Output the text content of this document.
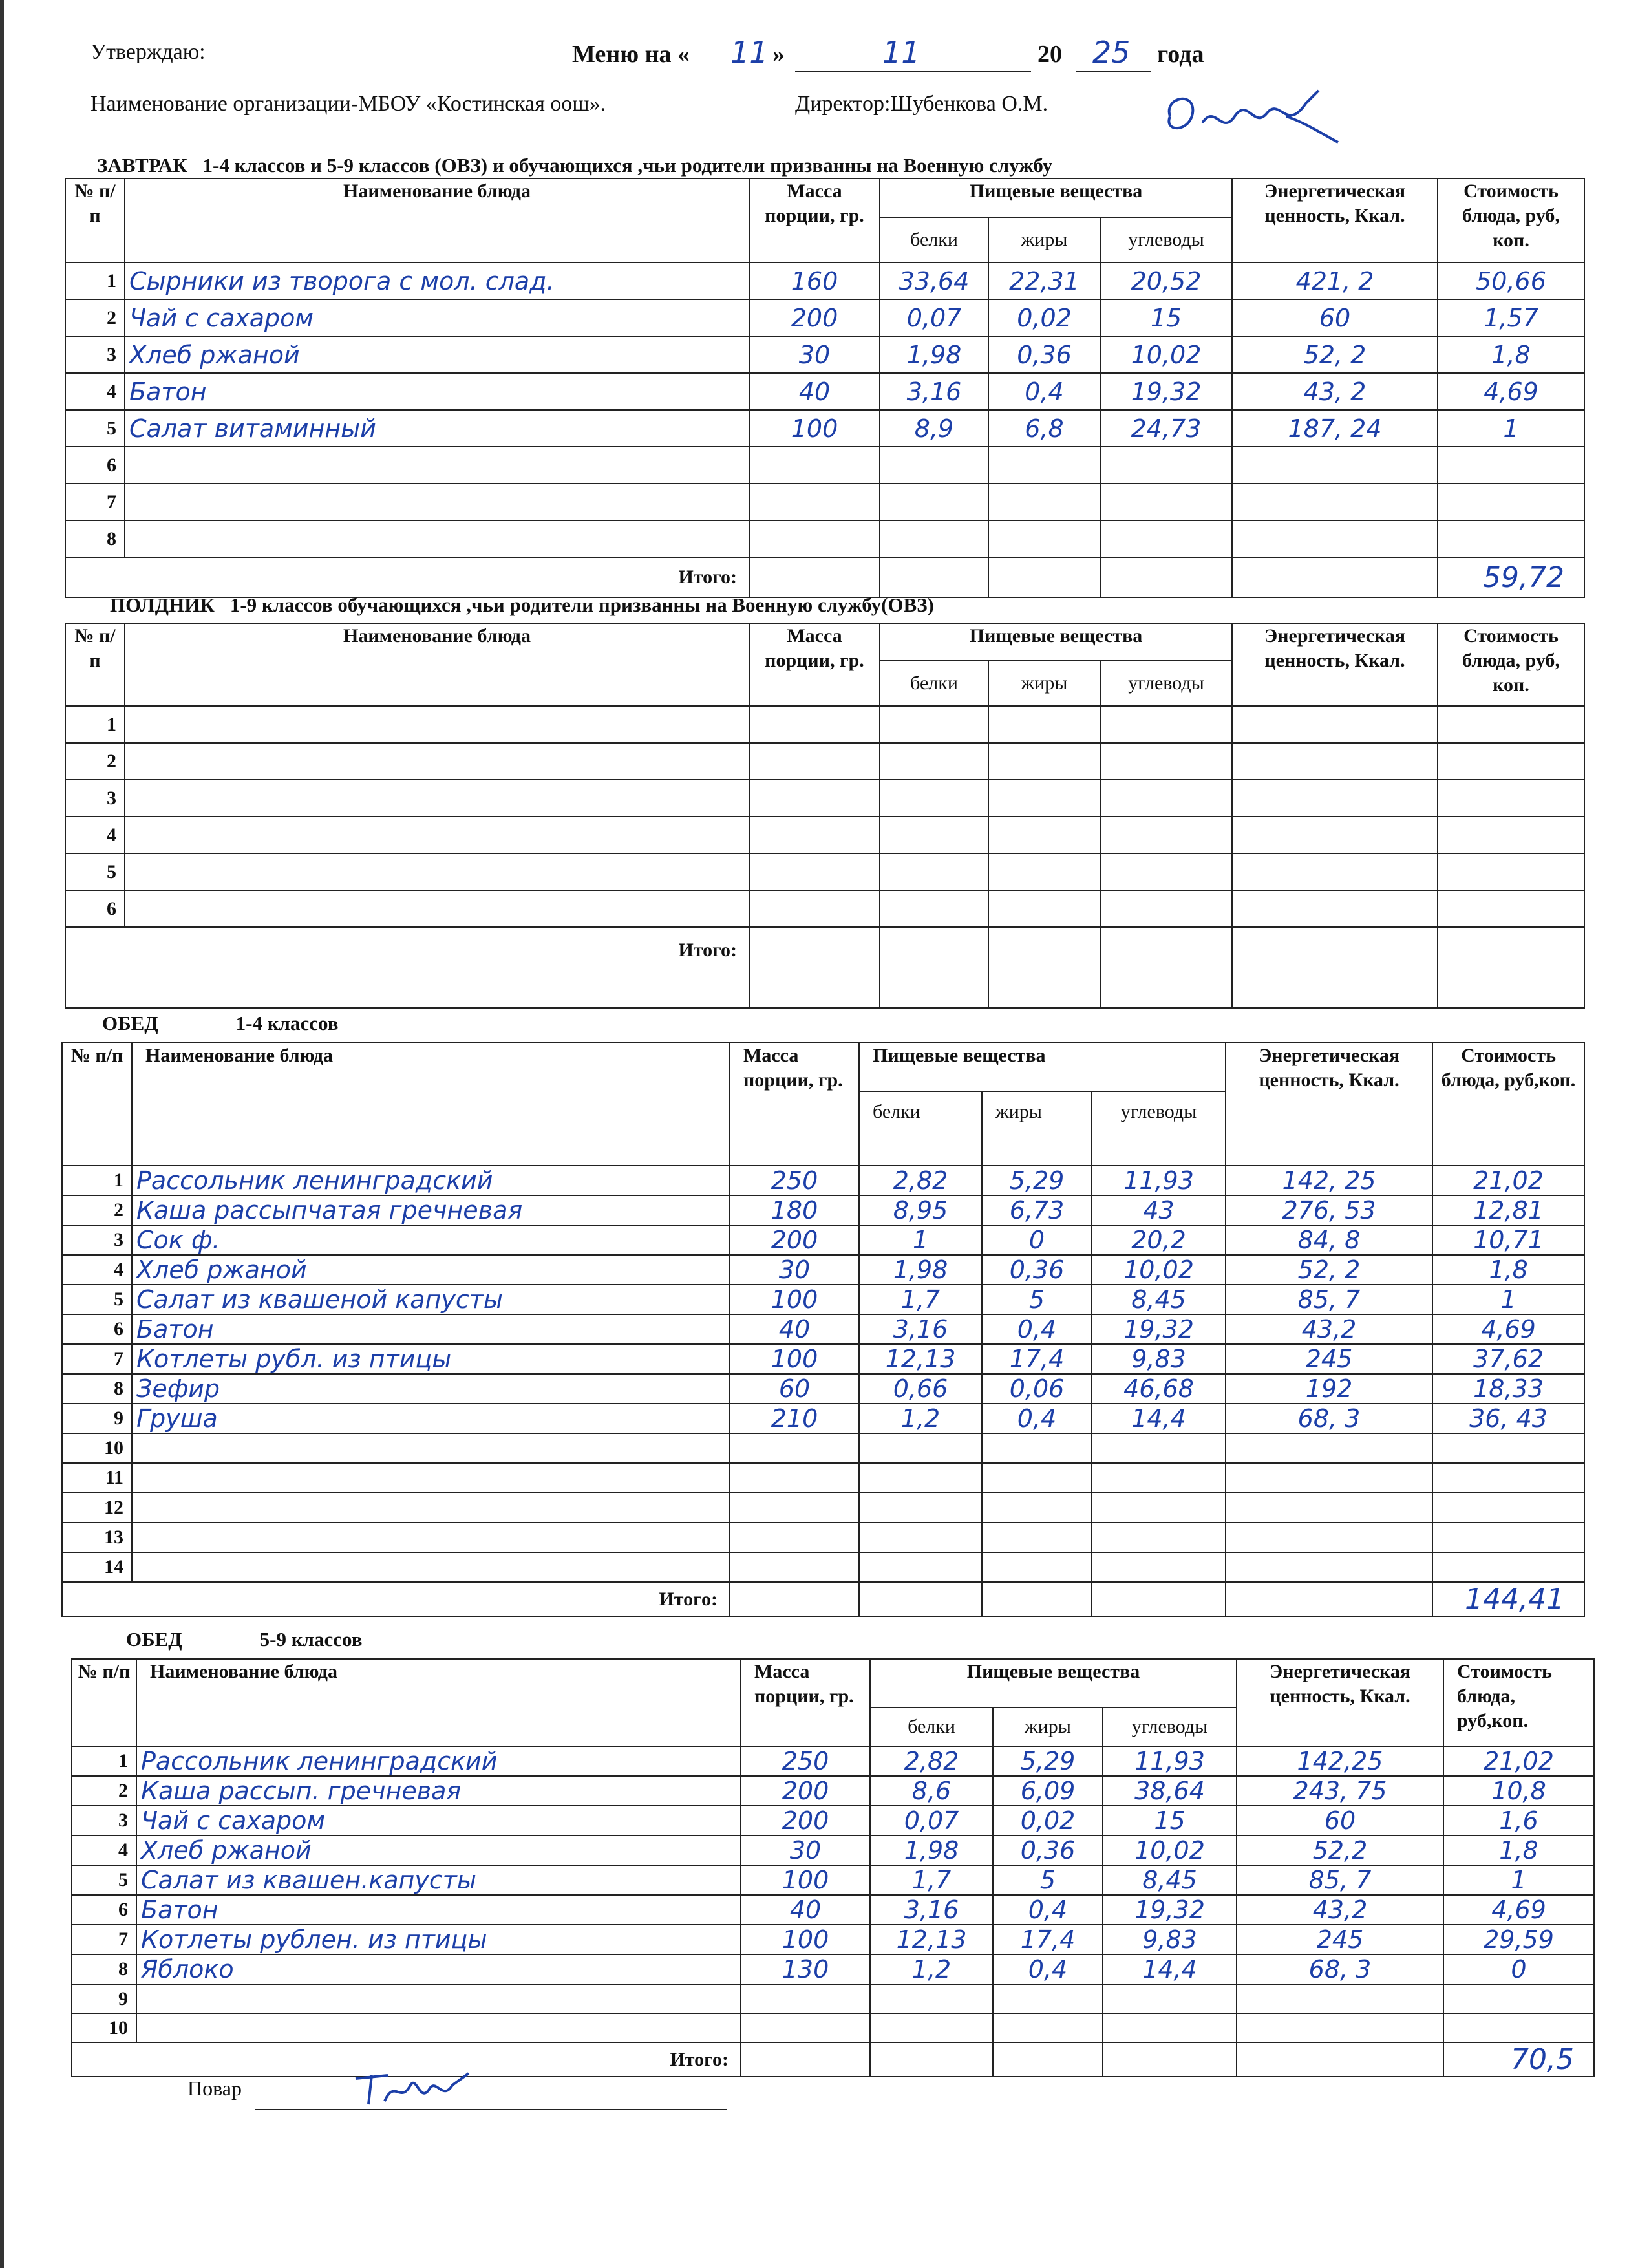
Утверждаю:	Меню на « 11 »	11	20 25 года
Наименование организации-МБОУ «Костинская оош».	Директор:Шубенкова О.М.
ЗАВТРАК 1-4 классов и 5-9 классов (ОВЗ) и обучающихся ,чьи родители призванны на Военную службу
№ п/п	Наименование блюда	Масса порции, гр.	Пищевые вещества			Энергетическая ценность, Ккал.	Стоимость блюда, руб, коп.
			белки	жиры	углеводы		
1	Сырники из творога с мол. слад.	160	33,64	22,31	20,52	421, 2	50,66
2	Чай с сахаром	200	0,07	0,02	15	60	1,57
3	Хлеб ржаной	30	1,98	0,36	10,02	52, 2	1,8
4	Батон	40	3,16	0,4	19,32	43, 2	4,69
5	Салат витаминный	100	8,9	6,8	24,73	187, 24	1
6							
7							
8							
Итого:							59,72
ПОЛДНИК 1-9 классов обучающихся ,чьи родители призванны на Военную службу(ОВЗ)
№ п/п	Наименование блюда	Масса порции, гр.	Пищевые вещества			Энергетическая ценность, Ккал.	Стоимость блюда, руб, коп.
			белки	жиры	углеводы		
1							
2							
3							
4							
5							
6							
Итого:							
ОБЕД	1-4 классов
№ п/п	Наименование блюда	Масса порции, гр.	Пищевые вещества			Энергетическая ценность, Ккал.	Стоимость блюда, руб,коп.
			белки	жиры	углеводы		
1	Рассольник ленинградский	250	2,82	5,29	11,93	142, 25	21,02
2	Каша рассыпчатая гречневая	180	8,95	6,73	43	276, 53	12,81
3	Сок ф.	200	1	0	20,2	84, 8	10,71
4	Хлеб ржаной	30	1,98	0,36	10,02	52, 2	1,8
5	Салат из квашеной капусты	100	1,7	5	8,45	85, 7	1
6	Батон	40	3,16	0,4	19,32	43,2	4,69
7	Котлеты рубл. из птицы	100	12,13	17,4	9,83	245	37,62
8	Зефир	60	0,66	0,06	46,68	192	18,33
9	Груша	210	1,2	0,4	14,4	68, 3	36, 43
10							
11							
12							
13							
14							
Итого:							144,41
ОБЕД	5-9 классов
№ п/п	Наименование блюда	Масса порции, гр.	Пищевые вещества			Энергетическая ценность, Ккал.	Стоимость блюда, руб,коп.
			белки	жиры	углеводы		
1	Рассольник ленинградский	250	2,82	5,29	11,93	142,25	21,02
2	Каша рассып. гречневая	200	8,6	6,09	38,64	243, 75	10,8
3	Чай с сахаром	200	0,07	0,02	15	60	1,6
4	Хлеб ржаной	30	1,98	0,36	10,02	52,2	1,8
5	Салат из квашен.капусты	100	1,7	5	8,45	85, 7	1
6	Батон	40	3,16	0,4	19,32	43,2	4,69
7	Котлеты рублен. из птицы	100	12,13	17,4	9,83	245	29,59
8	Яблоко	130	1,2	0,4	14,4	68, 3	0
9							
10							
Итого:							70,5
Повар
